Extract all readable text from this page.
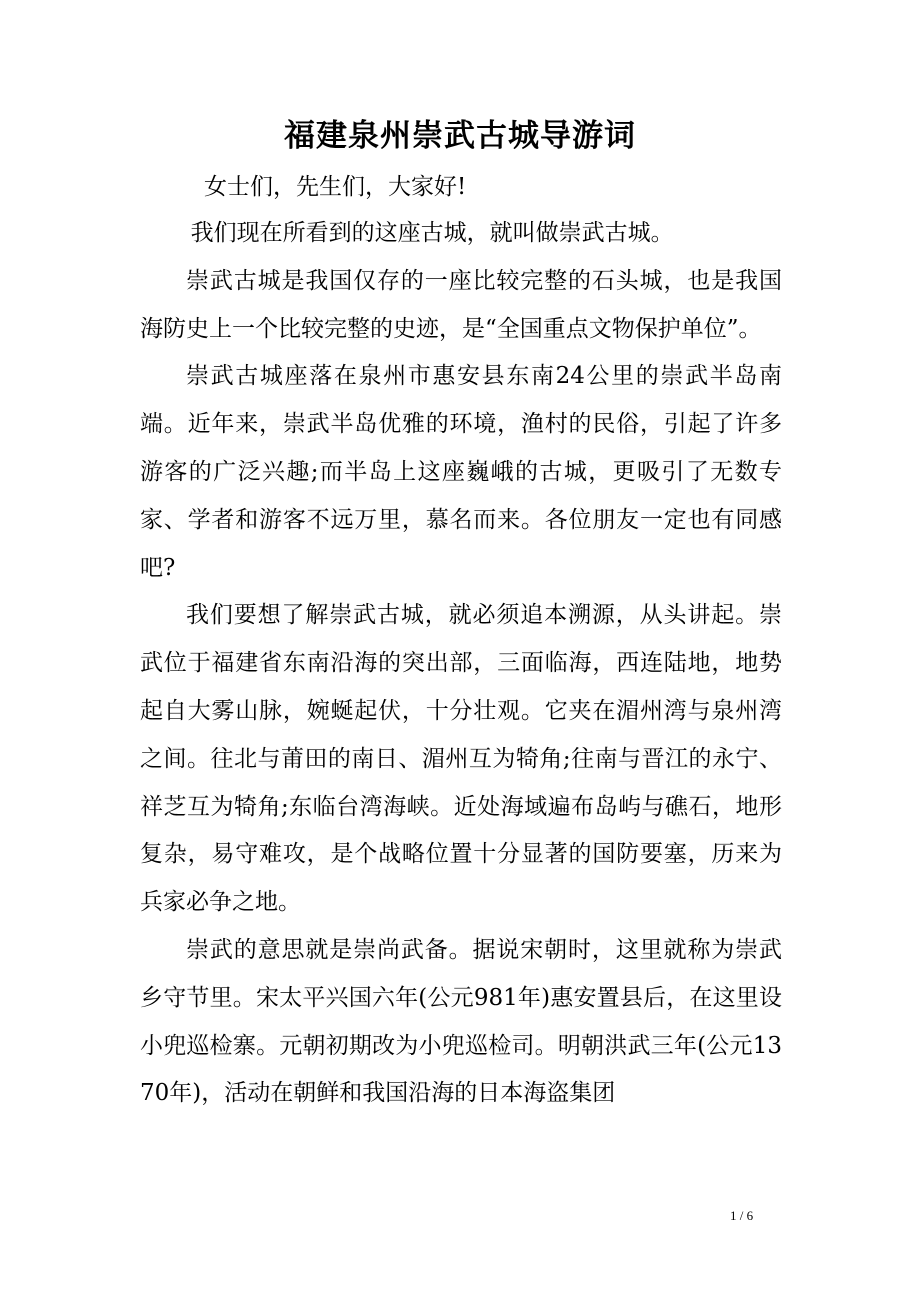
福建泉州崇武古城导游词
女士们，先生们，大家好!

我们现在所看到的这座古城，就叫做崇武古城。

崇武古城是我国仅存的一座比较完整的石头城，也是我国海防史上一个比较完整的史迹，是“全国重点文物保护单位”。

崇武古城座落在泉州市惠安县东南24公里的崇武半岛南端。近年来，崇武半岛优雅的环境，渔村的民俗，引起了许多游客的广泛兴趣;而半岛上这座巍峨的古城，更吸引了无数专家、学者和游客不远万里，慕名而来。各位朋友一定也有同感吧?

我们要想了解崇武古城，就必须追本溯源，从头讲起。崇武位于福建省东南沿海的突出部，三面临海，西连陆地，地势起自大雾山脉，婉蜒起伏，十分壮观。它夹在湄州湾与泉州湾之间。往北与莆田的南日、湄州互为犄角;往南与晋江的永宁、祥芝互为犄角;东临台湾海峡。近处海域遍布岛屿与礁石，地形复杂，易守难攻，是个战略位置十分显著的国防要塞，历来为兵家必争之地。

崇武的意思就是崇尚武备。据说宋朝时，这里就称为崇武乡守节里。宋太平兴国六年(公元981年)惠安置县后，在这里设小兜巡检寨。元朝初期改为小兜巡检司。明朝洪武三年(公元1370年)，活动在朝鲜和我国沿海的日本海盗集团

1 / 6
